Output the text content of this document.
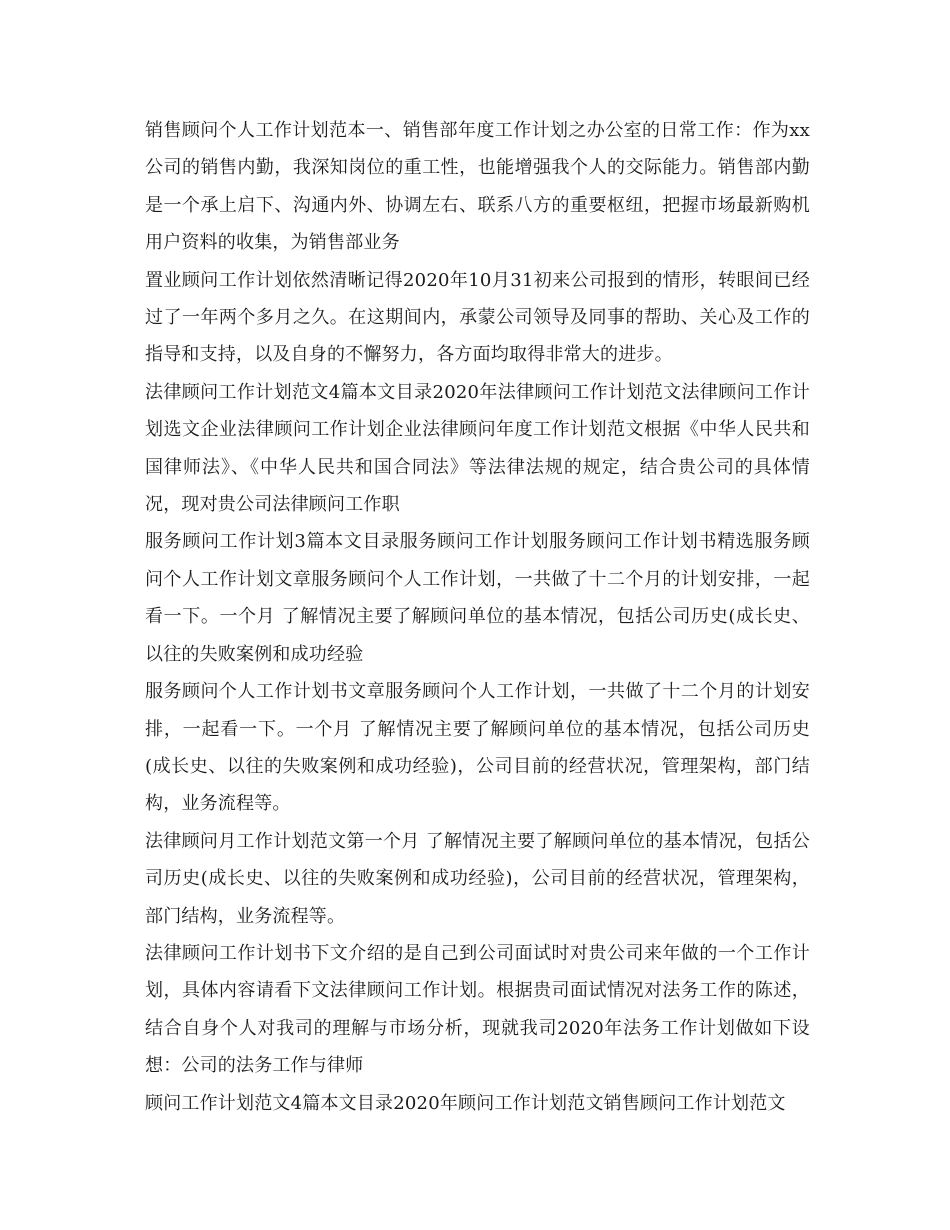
销售顾问个人工作计划范本一、销售部年度工作计划之办公室的日常工作：作为xx公司的销售内勤，我深知岗位的重工性，也能增强我个人的交际能力。销售部内勤是一个承上启下、沟通内外、协调左右、联系八方的重要枢纽，把握市场最新购机用户资料的收集，为销售部业务

置业顾问工作计划依然清晰记得2020年10月31初来公司报到的情形，转眼间已经过了一年两个多月之久。在这期间内，承蒙公司领导及同事的帮助、关心及工作的指导和支持，以及自身的不懈努力，各方面均取得非常大的进步。

法律顾问工作计划范文4篇本文目录2020年法律顾问工作计划范文法律顾问工作计划选文企业法律顾问工作计划企业法律顾问年度工作计划范文根据《中华人民共和国律师法》、《中华人民共和国合同法》等法律法规的规定，结合贵公司的具体情况，现对贵公司法律顾问工作职

服务顾问工作计划3篇本文目录服务顾问工作计划服务顾问工作计划书精选服务顾问个人工作计划文章服务顾问个人工作计划，一共做了十二个月的计划安排，一起看一下。一个月 了解情况主要了解顾问单位的基本情况，包括公司历史(成长史、以往的失败案例和成功经验

服务顾问个人工作计划书文章服务顾问个人工作计划，一共做了十二个月的计划安排，一起看一下。一个月 了解情况主要了解顾问单位的基本情况，包括公司历史(成长史、以往的失败案例和成功经验)，公司目前的经营状况，管理架构，部门结构，业务流程等。

法律顾问月工作计划范文第一个月 了解情况主要了解顾问单位的基本情况，包括公司历史(成长史、以往的失败案例和成功经验)，公司目前的经营状况，管理架构，部门结构，业务流程等。

法律顾问工作计划书下文介绍的是自己到公司面试时对贵公司来年做的一个工作计划，具体内容请看下文法律顾问工作计划。根据贵司面试情况对法务工作的陈述，结合自身个人对我司的理解与市场分析，现就我司2020年法务工作计划做如下设想：公司的法务工作与律师

顾问工作计划范文4篇本文目录2020年顾问工作计划范文销售顾问工作计划范文
